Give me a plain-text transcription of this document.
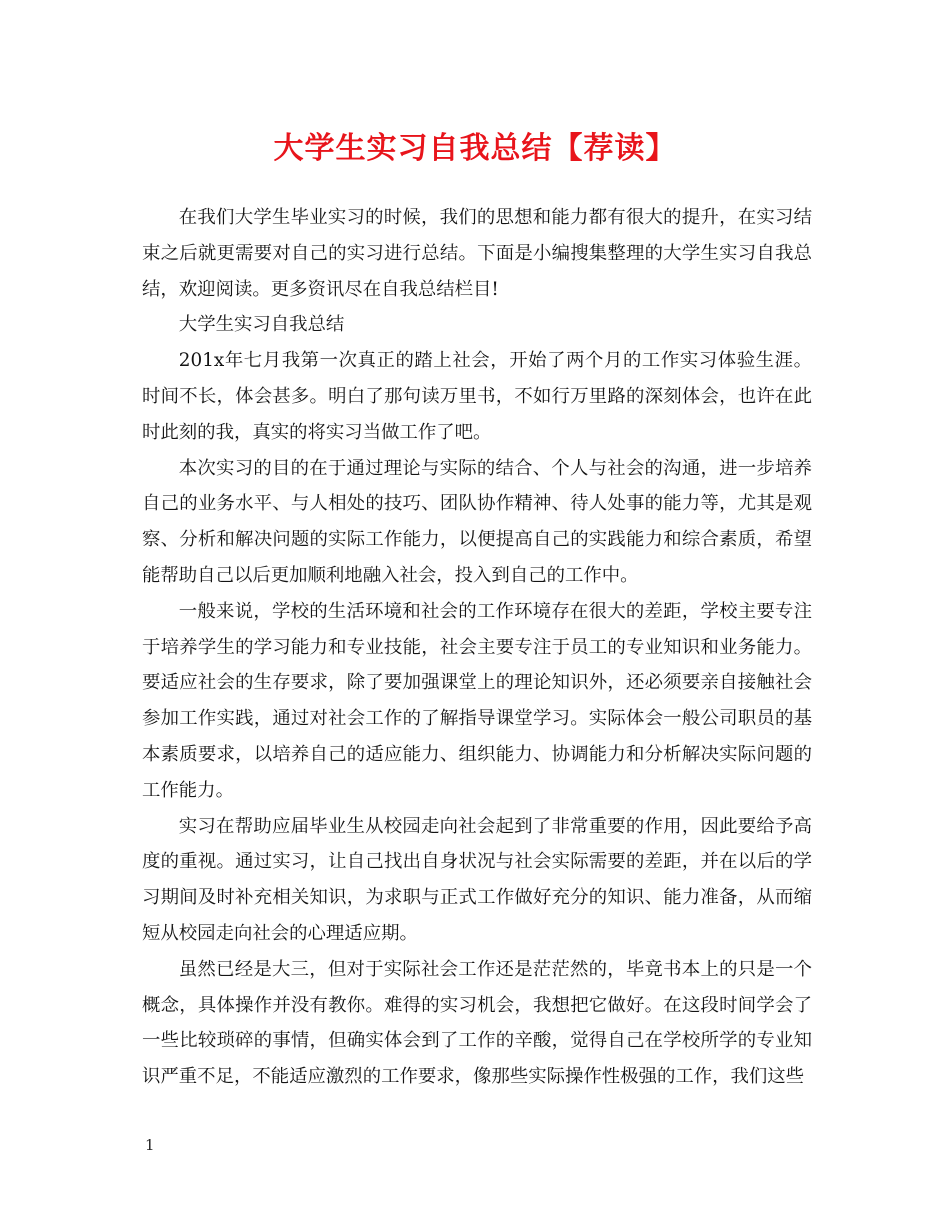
大学生实习自我总结【荐读】

在我们大学生毕业实习的时候，我们的思想和能力都有很大的提升，在实习结束之后就更需要对自己的实习进行总结。下面是小编搜集整理的大学生实习自我总结，欢迎阅读。更多资讯尽在自我总结栏目!

大学生实习自我总结

201x年七月我第一次真正的踏上社会，开始了两个月的工作实习体验生涯。时间不长，体会甚多。明白了那句读万里书，不如行万里路的深刻体会，也许在此时此刻的我，真实的将实习当做工作了吧。

本次实习的目的在于通过理论与实际的结合、个人与社会的沟通，进一步培养自己的业务水平、与人相处的技巧、团队协作精神、待人处事的能力等，尤其是观察、分析和解决问题的实际工作能力，以便提高自己的实践能力和综合素质，希望能帮助自己以后更加顺利地融入社会，投入到自己的工作中。

一般来说，学校的生活环境和社会的工作环境存在很大的差距，学校主要专注于培养学生的学习能力和专业技能，社会主要专注于员工的专业知识和业务能力。要适应社会的生存要求，除了要加强课堂上的理论知识外，还必须要亲自接触社会参加工作实践，通过对社会工作的了解指导课堂学习。实际体会一般公司职员的基本素质要求，以培养自己的适应能力、组织能力、协调能力和分析解决实际问题的工作能力。

实习在帮助应届毕业生从校园走向社会起到了非常重要的作用，因此要给予高度的重视。通过实习，让自己找出自身状况与社会实际需要的差距，并在以后的学习期间及时补充相关知识，为求职与正式工作做好充分的知识、能力准备，从而缩短从校园走向社会的心理适应期。

虽然已经是大三，但对于实际社会工作还是茫茫然的，毕竟书本上的只是一个概念，具体操作并没有教你。难得的实习机会，我想把它做好。在这段时间学会了一些比较琐碎的事情，但确实体会到了工作的辛酸，觉得自己在学校所学的专业知识严重不足，不能适应激烈的工作要求，像那些实际操作性极强的工作，我们这些

1
